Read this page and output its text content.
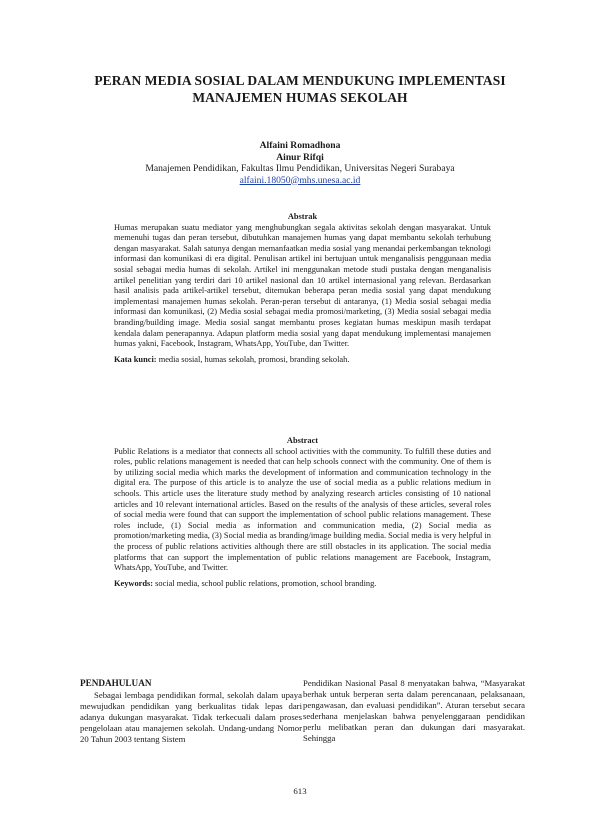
PERAN MEDIA SOSIAL DALAM MENDUKUNG IMPLEMENTASI
MANAJEMEN HUMAS SEKOLAH
Alfaini Romadhona
Ainur Rifqi
Manajemen Pendidikan, Fakultas Ilmu Pendidikan, Universitas Negeri Surabaya
alfaini.18050@mhs.unesa.ac.id
Abstrak
Humas merupakan suatu mediator yang menghubungkan segala aktivitas sekolah dengan masyarakat. Untuk memenuhi tugas dan peran tersebut, dibutuhkan manajemen humas yang dapat membantu sekolah terhubung dengan masyarakat. Salah satunya dengan memanfaatkan media sosial yang menandai perkembangan teknologi informasi dan komunikasi di era digital. Penulisan artikel ini bertujuan untuk menganalisis penggunaan media sosial sebagai media humas di sekolah. Artikel ini menggunakan metode studi pustaka dengan menganalisis artikel penelitian yang terdiri dari 10 artikel nasional dan 10 artikel internasional yang relevan. Berdasarkan hasil analisis pada artikel-artikel tersebut, ditemukan beberapa peran media sosial yang dapat mendukung implementasi manajemen humas sekolah. Peran-peran tersebut di antaranya, (1) Media sosial sebagai media informasi dan komunikasi, (2) Media sosial sebagai media promosi/marketing, (3) Media sosial sebagai media branding/building image. Media sosial sangat membantu proses kegiatan humas meskipun masih terdapat kendala dalam penerapannya. Adapun platform media sosial yang dapat mendukung implementasi manajemen humas yakni, Facebook, Instagram, WhatsApp, YouTube, dan Twitter.
Kata kunci: media sosial, humas sekolah, promosi, branding sekolah.
Abstract
Public Relations is a mediator that connects all school activities with the community. To fulfill these duties and roles, public relations management is needed that can help schools connect with the community. One of them is by utilizing social media which marks the development of information and communication technology in the digital era. The purpose of this article is to analyze the use of social media as a public relations medium in schools. This article uses the literature study method by analyzing research articles consisting of 10 national articles and 10 relevant international articles. Based on the results of the analysis of these articles, several roles of social media were found that can support the implementation of school public relations management. These roles include, (1) Social media as information and communication media, (2) Social media as promotion/marketing media, (3) Social media as branding/image building media. Social media is very helpful in the process of public relations activities although there are still obstacles in its application. The social media platforms that can support the implementation of public relations management are Facebook, Instagram, WhatsApp, YouTube, and Twitter.
Keywords: social media, school public relations, promotion, school branding.
PENDAHULUAN

Sebagai lembaga pendidikan formal, sekolah dalam upaya mewujudkan pendidikan yang berkualitas tidak lepas dari adanya dukungan masyarakat. Tidak terkecuali dalam proses pengelolaan atau manajemen sekolah. Undang-undang Nomor 20 Tahun 2003 tentang Sistem

Pendidikan Nasional Pasal 8 menyatakan bahwa, “Masyarakat berhak untuk berperan serta dalam perencanaan, pelaksanaan, pengawasan, dan evaluasi pendidikan”. Aturan tersebut secara sederhana menjelaskan bahwa penyelenggaraan pendidikan perlu melibatkan peran dan dukungan dari masyarakat. Sehingga

613
